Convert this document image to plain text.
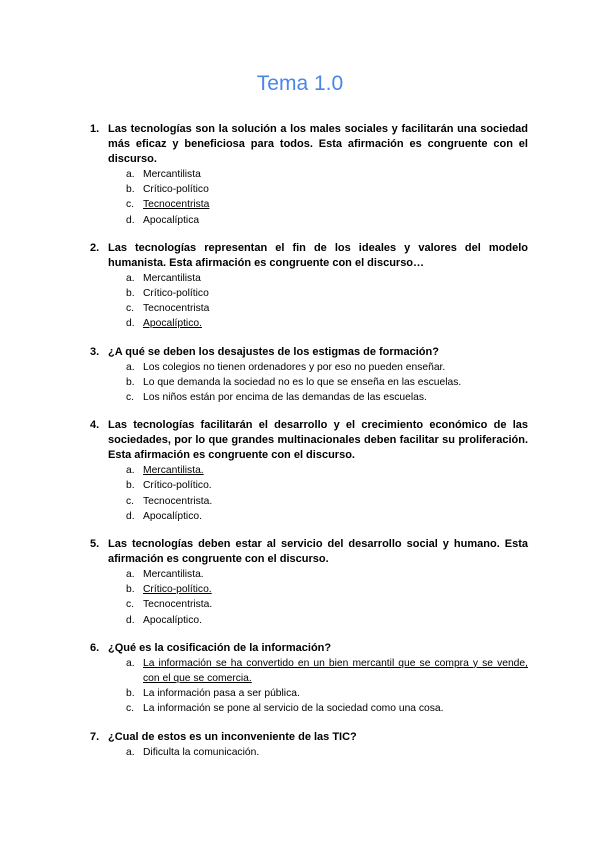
Tema 1.0
1. Las tecnologías son la solución a los males sociales y facilitarán una sociedad más eficaz y beneficiosa para todos. Esta afirmación es congruente con el discurso.
a. Mercantilista
b. Crítico-político
c. Tecnocentrista
d. Apocalíptica
2. Las tecnologías representan el fin de los ideales y valores del modelo humanista. Esta afirmación es congruente con el discurso…
a. Mercantilista
b. Crítico-político
c. Tecnocentrista
d. Apocalíptico.
3. ¿A qué se deben los desajustes de los estigmas de formación?
a. Los colegios no tienen ordenadores y por eso no pueden enseñar.
b. Lo que demanda la sociedad no es lo que se enseña en las escuelas.
c. Los niños están por encima de las demandas de las escuelas.
4. Las tecnologías facilitarán el desarrollo y el crecimiento económico de las sociedades, por lo que grandes multinacionales deben facilitar su proliferación. Esta afirmación es congruente con el discurso.
a. Mercantilista.
b. Crítico-político.
c. Tecnocentrista.
d. Apocalíptico.
5. Las tecnologías deben estar al servicio del desarrollo social y humano. Esta afirmación es congruente con el discurso.
a. Mercantilista.
b. Crítico-político.
c. Tecnocentrista.
d. Apocalíptico.
6. ¿Qué es la cosificación de la información?
a. La información se ha convertido en un bien mercantil que se compra y se vende, con el que se comercia.
b. La información pasa a ser pública.
c. La información se pone al servicio de la sociedad como una cosa.
7. ¿Cual de estos es un inconveniente de las TIC?
a. Dificulta la comunicación.
